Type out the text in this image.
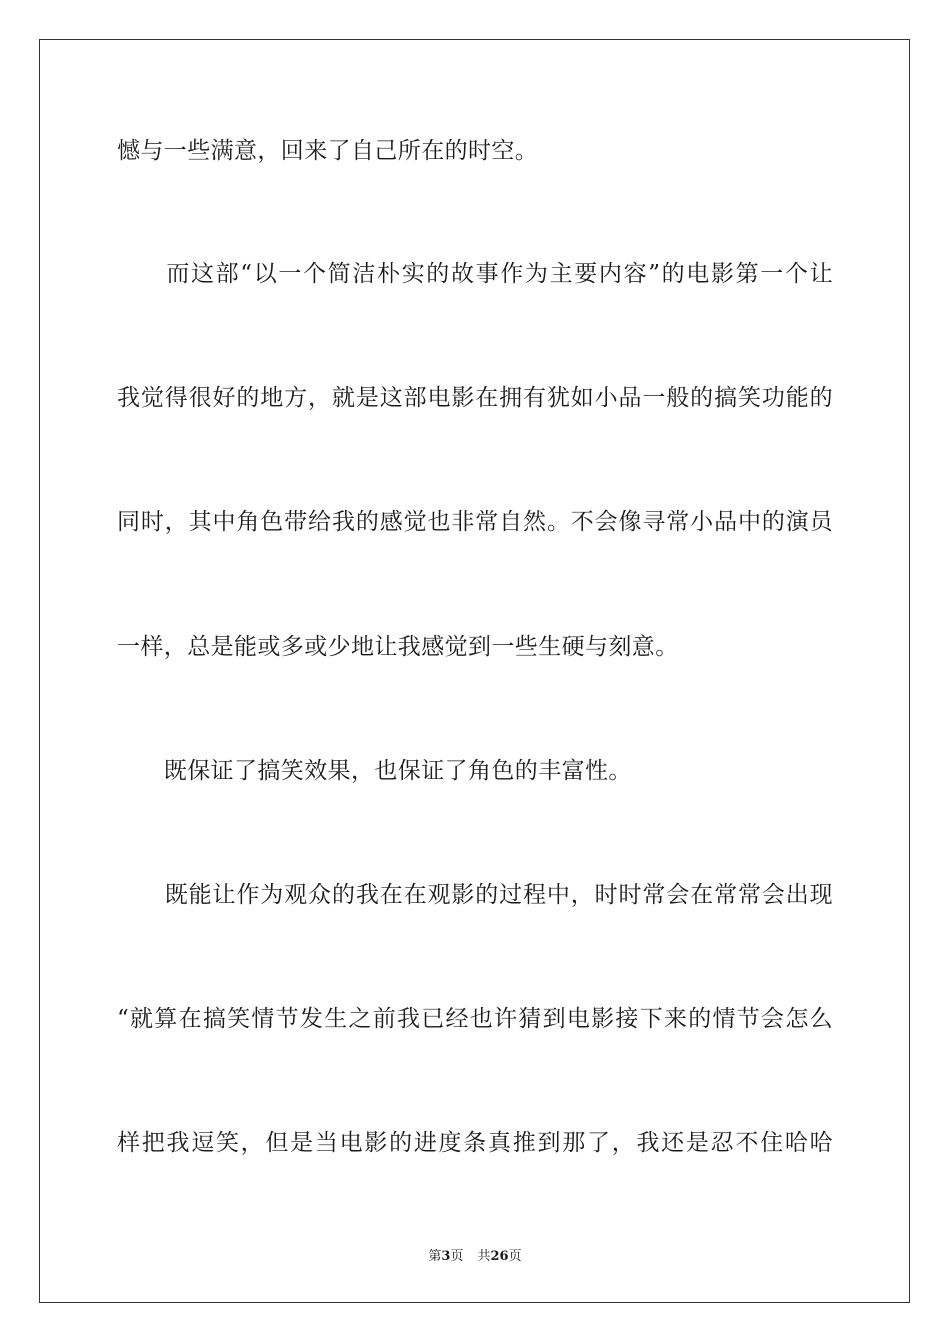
憾与一些满意，回来了自己所在的时空。
　　而这部“以一个简洁朴实的故事作为主要内容”的电影第一个让
我觉得很好的地方，就是这部电影在拥有犹如小品一般的搞笑功能的
同时，其中角色带给我的感觉也非常自然。不会像寻常小品中的演员
一样，总是能或多或少地让我感觉到一些生硬与刻意。
　　既保证了搞笑效果，也保证了角色的丰富性。
　　既能让作为观众的我在在观影的过程中，时时常会在常常会出现
“就算在搞笑情节发生之前我已经也许猜到电影接下来的情节会怎么
样把我逗笑，但是当电影的进度条真推到那了，我还是忍不住哈哈
第3页 共26页
